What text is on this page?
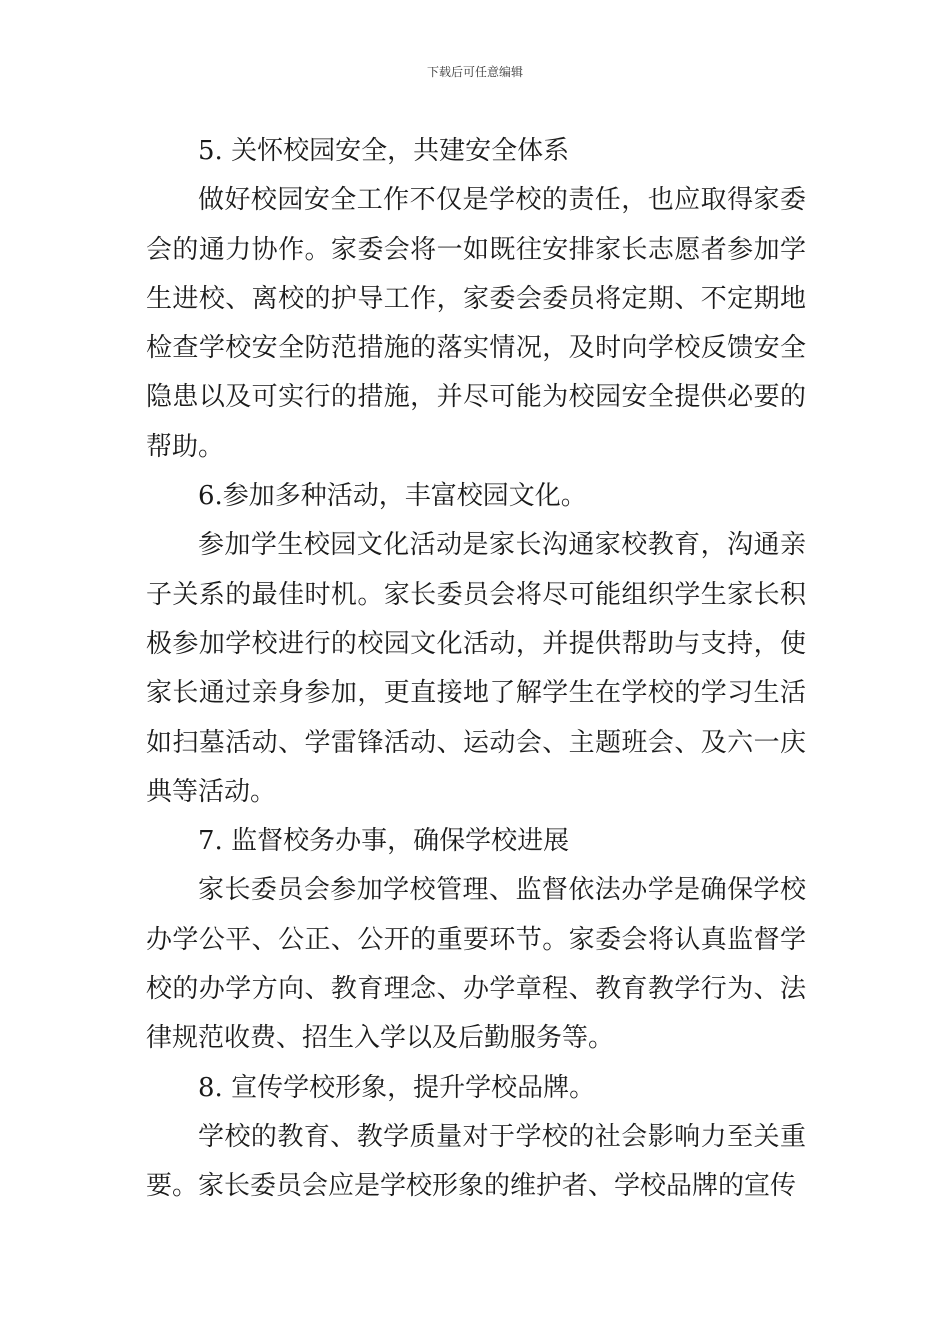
下载后可任意编辑

5. 关怀校园安全，共建安全体系

做好校园安全工作不仅是学校的责任，也应取得家委会的通力协作。家委会将一如既往安排家长志愿者参加学生进校、离校的护导工作，家委会委员将定期、不定期地检查学校安全防范措施的落实情况，及时向学校反馈安全隐患以及可实行的措施，并尽可能为校园安全提供必要的帮助。

6.参加多种活动，丰富校园文化。

参加学生校园文化活动是家长沟通家校教育，沟通亲子关系的最佳时机。家长委员会将尽可能组织学生家长积极参加学校进行的校园文化活动，并提供帮助与支持，使家长通过亲身参加，更直接地了解学生在学校的学习生活如扫墓活动、学雷锋活动、运动会、主题班会、及六一庆典等活动。

7. 监督校务办事，确保学校进展

家长委员会参加学校管理、监督依法办学是确保学校办学公平、公正、公开的重要环节。家委会将认真监督学校的办学方向、教育理念、办学章程、教育教学行为、法律规范收费、招生入学以及后勤服务等。

8. 宣传学校形象，提升学校品牌。

学校的教育、教学质量对于学校的社会影响力至关重要。家长委员会应是学校形象的维护者、学校品牌的宣传
